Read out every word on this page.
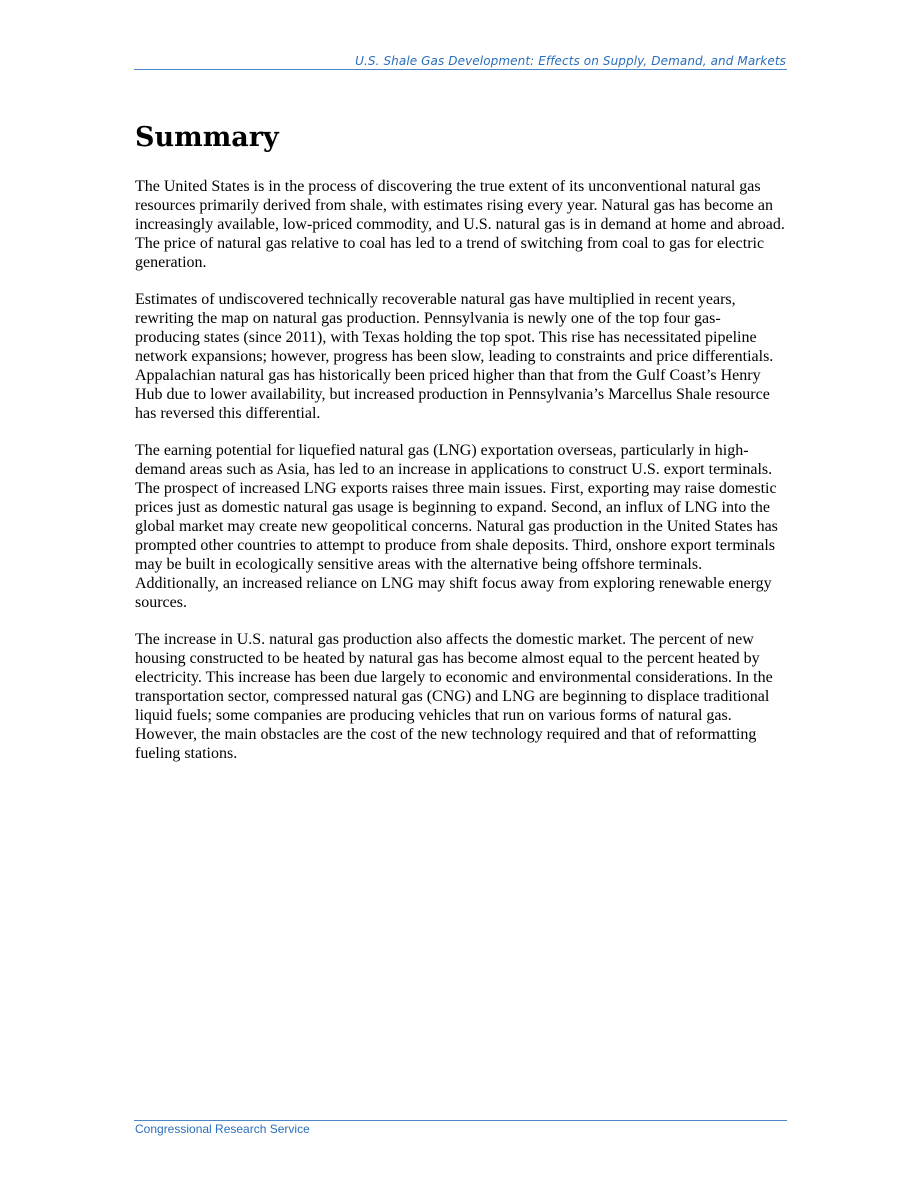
U.S. Shale Gas Development: Effects on Supply, Demand, and Markets
Summary

The United States is in the process of discovering the true extent of its unconventional natural gas resources primarily derived from shale, with estimates rising every year. Natural gas has become an increasingly available, low-priced commodity, and U.S. natural gas is in demand at home and abroad. The price of natural gas relative to coal has led to a trend of switching from coal to gas for electric generation.

Estimates of undiscovered technically recoverable natural gas have multiplied in recent years, rewriting the map on natural gas production. Pennsylvania is newly one of the top four gas-producing states (since 2011), with Texas holding the top spot. This rise has necessitated pipeline network expansions; however, progress has been slow, leading to constraints and price differentials. Appalachian natural gas has historically been priced higher than that from the Gulf Coast’s Henry Hub due to lower availability, but increased production in Pennsylvania’s Marcellus Shale resource has reversed this differential.

The earning potential for liquefied natural gas (LNG) exportation overseas, particularly in high-demand areas such as Asia, has led to an increase in applications to construct U.S. export terminals. The prospect of increased LNG exports raises three main issues. First, exporting may raise domestic prices just as domestic natural gas usage is beginning to expand. Second, an influx of LNG into the global market may create new geopolitical concerns. Natural gas production in the United States has prompted other countries to attempt to produce from shale deposits. Third, onshore export terminals may be built in ecologically sensitive areas with the alternative being offshore terminals. Additionally, an increased reliance on LNG may shift focus away from exploring renewable energy sources.

The increase in U.S. natural gas production also affects the domestic market. The percent of new housing constructed to be heated by natural gas has become almost equal to the percent heated by electricity. This increase has been due largely to economic and environmental considerations. In the transportation sector, compressed natural gas (CNG) and LNG are beginning to displace traditional liquid fuels; some companies are producing vehicles that run on various forms of natural gas. However, the main obstacles are the cost of the new technology required and that of reformatting fueling stations.

Congressional Research Service
